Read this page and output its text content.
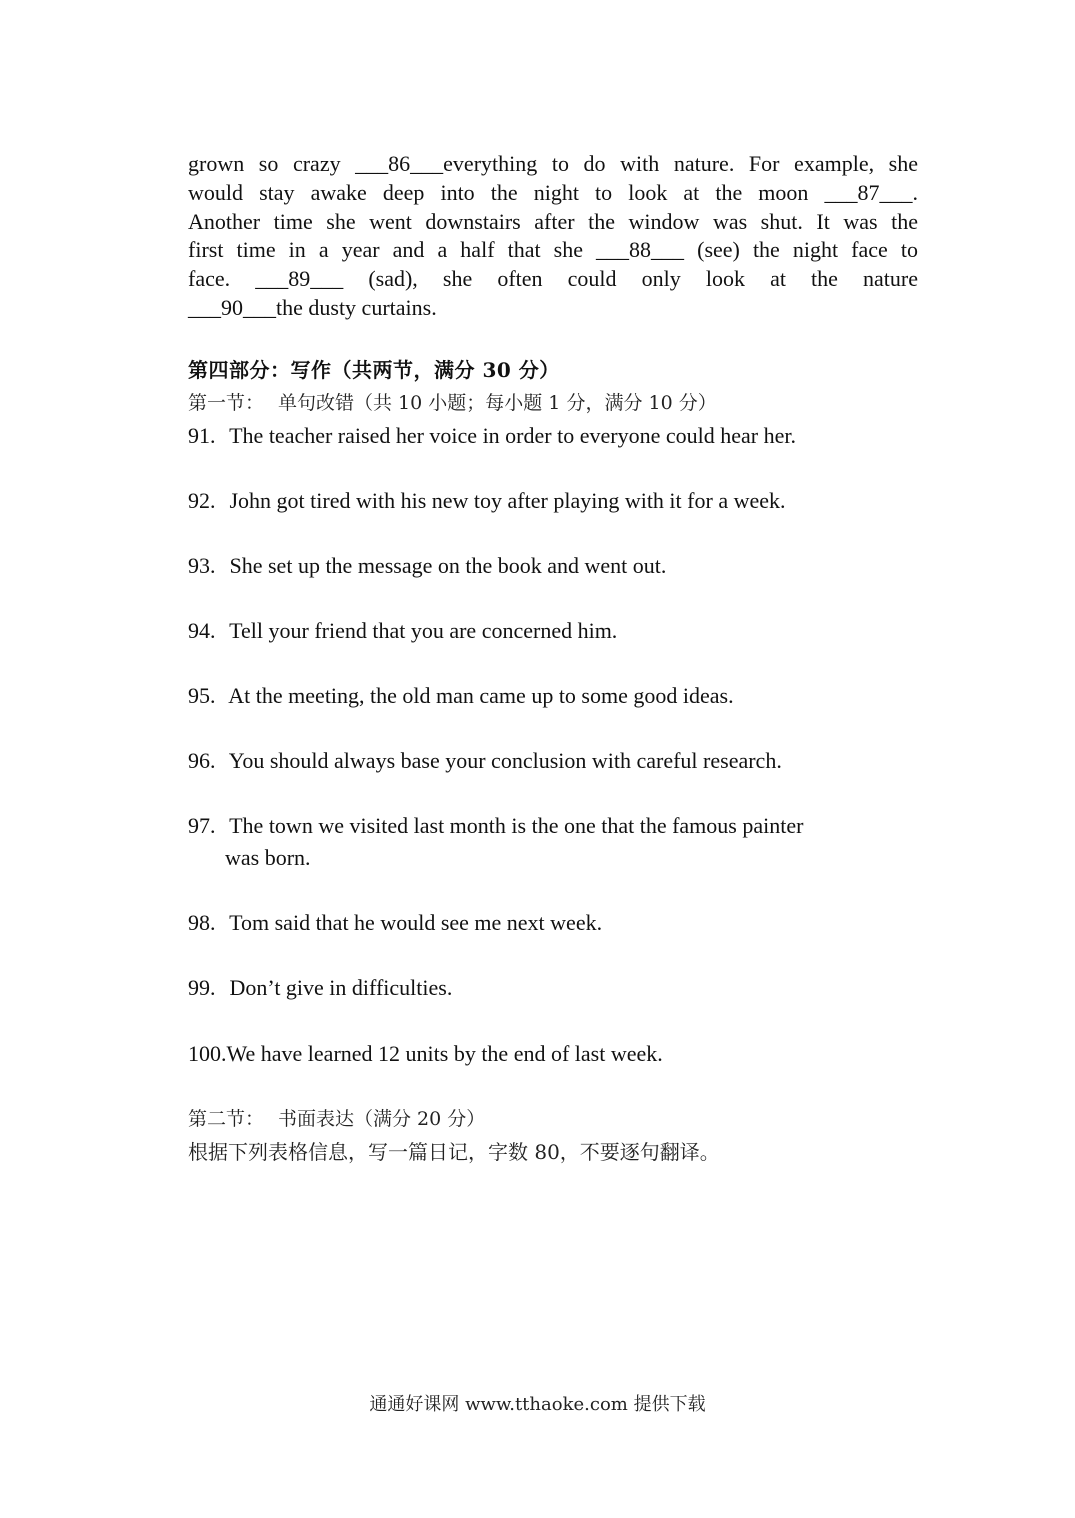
grown so crazy ___86___everything to do with nature. For example, she
would stay awake deep into the night to look at the moon ___87___.
Another time she went downstairs after the window was shut. It was the
first time in a year and a half that she ___88___ (see) the night face to
face. ___89___ (sad), she often could only look at the nature
___90___the dusty curtains.
第四部分：写作（共两节，满分 30 分）
第一节： 单句改错（共 10 小题；每小题 1 分，满分 10 分）
91. The teacher raised her voice in order to everyone could hear her.
92. John got tired with his new toy after playing with it for a week.
93. She set up the message on the book and went out.
94. Tell your friend that you are concerned him.
95. At the meeting, the old man came up to some good ideas.
96. You should always base your conclusion with careful research.
97. The town we visited last month is the one that the famous painter
was born.
98. Tom said that he would see me next week.
99. Don’t give in difficulties.
100.We have learned 12 units by the end of last week.
第二节： 书面表达（满分 20 分）
根据下列表格信息，写一篇日记，字数 80，不要逐句翻译。
通通好课网 www.tthaoke.com 提供下载
